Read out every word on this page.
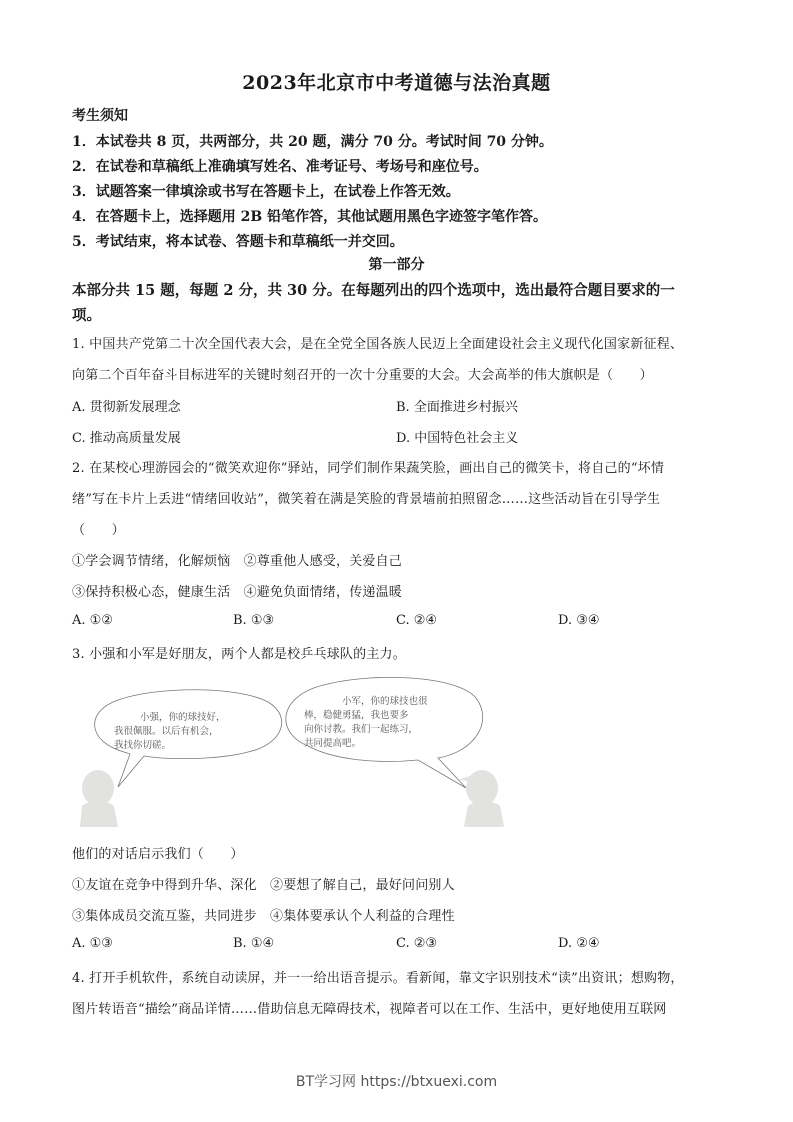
2023年北京市中考道德与法治真题
考生须知
1．本试卷共 8 页，共两部分，共 20 题，满分 70 分。考试时间 70 分钟。
2．在试卷和草稿纸上准确填写姓名、准考证号、考场号和座位号。
3．试题答案一律填涂或书写在答题卡上，在试卷上作答无效。
4．在答题卡上，选择题用 2B 铅笔作答，其他试题用黑色字迹签字笔作答。
5．考试结束，将本试卷、答题卡和草稿纸一并交回。
第一部分
本部分共 15 题，每题 2 分，共 30 分。在每题列出的四个选项中，选出最符合题目要求的一
项。
1. 中国共产党第二十次全国代表大会，是在全党全国各族人民迈上全面建设社会主义现代化国家新征程、
向第二个百年奋斗目标进军的关键时刻召开的一次十分重要的大会。大会高举的伟大旗帜是（　　）
A. 贯彻新发展理念	B. 全面推进乡村振兴
C. 推动高质量发展	D. 中国特色社会主义
2. 在某校心理游园会的“微笑欢迎你”驿站，同学们制作果蔬笑脸，画出自己的微笑卡，将自己的“坏情
绪”写在卡片上丢进“情绪回收站”，微笑着在满是笑脸的背景墙前拍照留念……这些活动旨在引导学生
（　　）
①学会调节情绪，化解烦恼　②尊重他人感受，关爱自己
③保持积极心态，健康生活　④避免负面情绪，传递温暖
A. ①②	B. ①③	C. ②④	D. ③④
3. 小强和小军是好朋友，两个人都是校乒乓球队的主力。
小强，你的球技好，
我很佩服。以后有机会，
我找你切磋。
小军，你的球技也很
棒，稳健勇猛，我也要多
向你讨教。我们一起练习，
共同提高吧。
他们的对话启示我们（　　）
①友谊在竞争中得到升华、深化　②要想了解自己，最好问问别人
③集体成员交流互鉴，共同进步　④集体要承认个人利益的合理性
A. ①③	B. ①④	C. ②③	D. ②④
4. 打开手机软件，系统自动读屏，并一一给出语音提示。看新闻，靠文字识别技术“读”出资讯；想购物，
图片转语音“描绘”商品详情……借助信息无障碍技术，视障者可以在工作、生活中，更好地使用互联网
BT学习网 https://btxuexi.com
